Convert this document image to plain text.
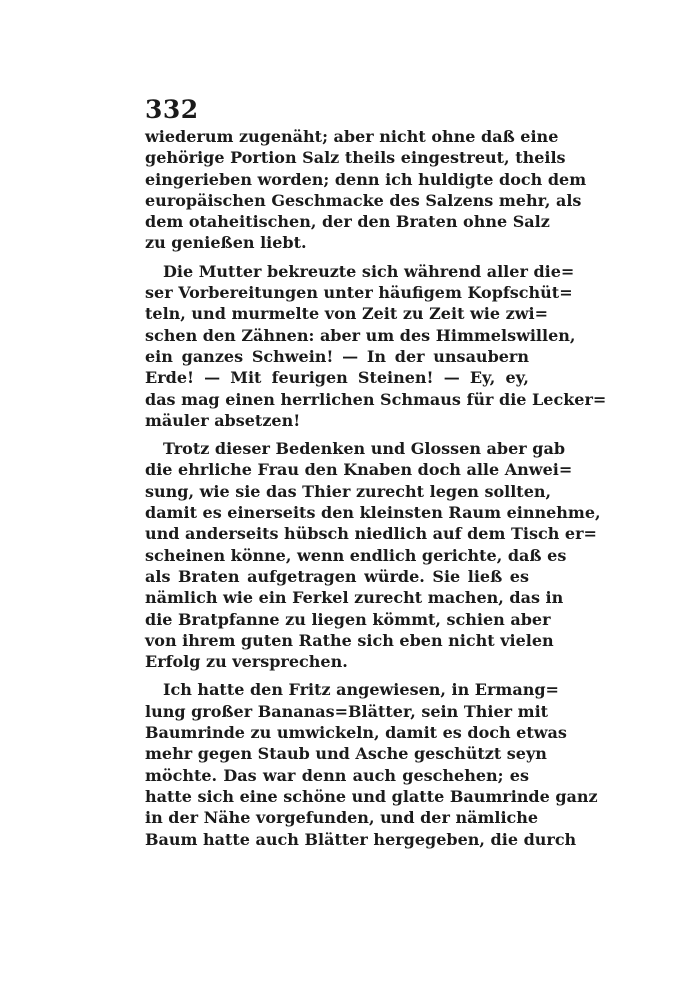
332
wiederum zugenäht; aber nicht ohne daß eine
gehörige Portion Salz theils eingestreut, theils
eingerieben worden; denn ich huldigte doch dem
europäischen Geschmacke des Salzens mehr, als
dem otaheitischen, der den Braten ohne Salz
zu genießen liebt.
Die Mutter bekreuzte sich während aller die=
ser Vorbereitungen unter häufigem Kopfschüt=
teln, und murmelte von Zeit zu Zeit wie zwi=
schen den Zähnen: aber um des Himmelswillen,
ein ganzes Schwein! — In der unsaubern
Erde! — Mit feurigen Steinen! — Ey, ey,
das mag einen herrlichen Schmaus für die Lecker=
mäuler absetzen!
Trotz dieser Bedenken und Glossen aber gab
die ehrliche Frau den Knaben doch alle Anwei=
sung, wie sie das Thier zurecht legen sollten,
damit es einerseits den kleinsten Raum einnehme,
und anderseits hübsch niedlich auf dem Tisch er=
scheinen könne, wenn endlich gerichte, daß es
als Braten aufgetragen würde. Sie ließ es
nämlich wie ein Ferkel zurecht machen, das in
die Bratpfanne zu liegen kömmt, schien aber
von ihrem guten Rathe sich eben nicht vielen
Erfolg zu versprechen.
Ich hatte den Fritz angewiesen, in Ermang=
lung großer Bananas=Blätter, sein Thier mit
Baumrinde zu umwickeln, damit es doch etwas
mehr gegen Staub und Asche geschützt seyn
möchte. Das war denn auch geschehen; es
hatte sich eine schöne und glatte Baumrinde ganz
in der Nähe vorgefunden, und der nämliche
Baum hatte auch Blätter hergegeben, die durch
